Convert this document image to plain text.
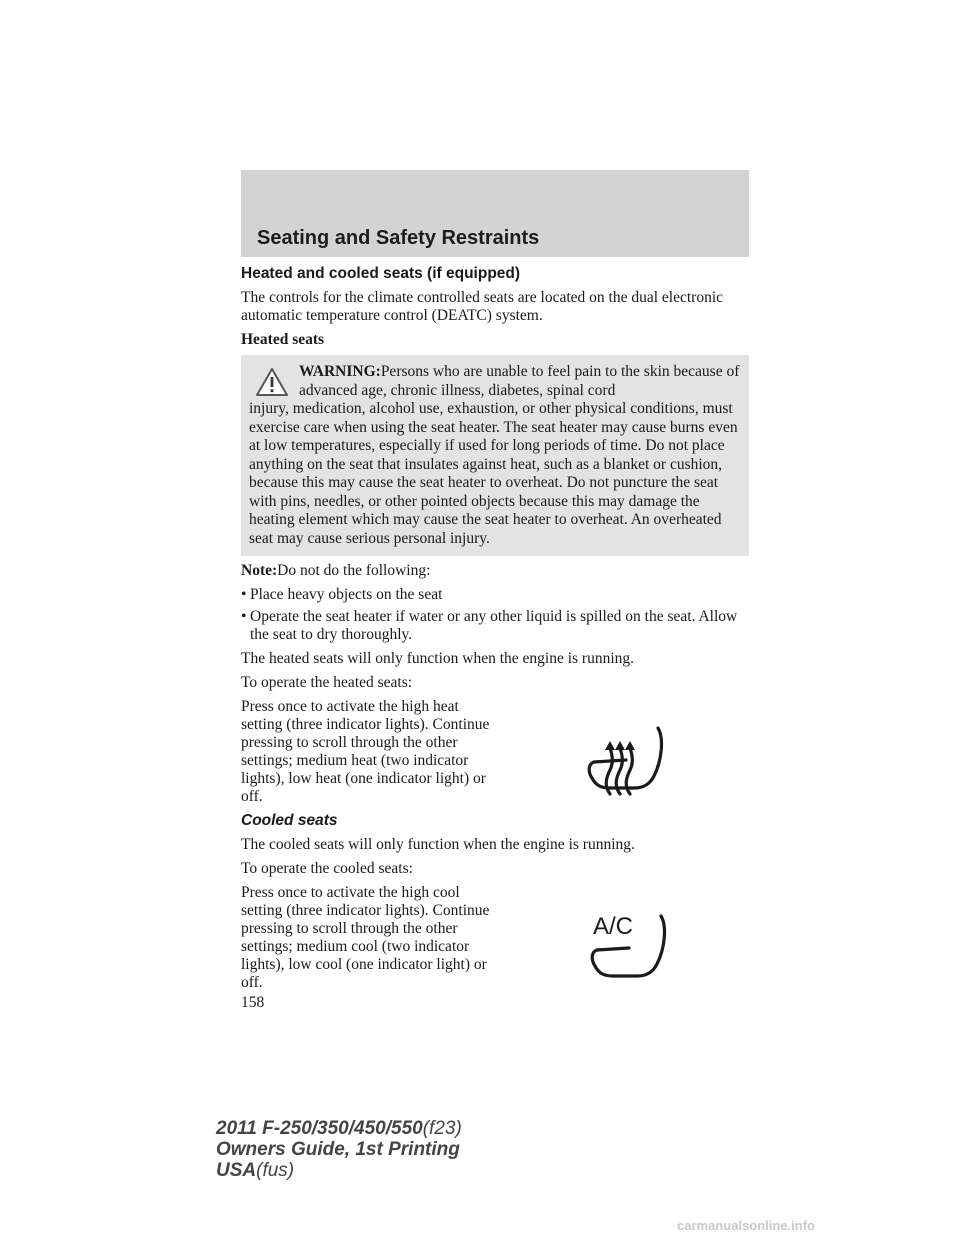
Seating and Safety Restraints
Heated and cooled seats (if equipped)

The controls for the climate controlled seats are located on the dual electronic automatic temperature control (DEATC) system.

Heated seats

WARNING:Persons who are unable to feel pain to the skin because of advanced age, chronic illness, diabetes, spinal cord
injury, medication, alcohol use, exhaustion, or other physical conditions, must exercise care when using the seat heater. The seat heater may cause burns even at low temperatures, especially if used for long periods of time. Do not place anything on the seat that insulates against heat, such as a blanket or cushion, because this may cause the seat heater to overheat. Do not puncture the seat with pins, needles, or other pointed objects because this may damage the heating element which may cause the seat heater to overheat. An overheated seat may cause serious personal injury.

Note:Do not do the following:

• Place heavy objects on the seat
• Operate the seat heater if water or any other liquid is spilled on the seat. Allow the seat to dry thoroughly.

The heated seats will only function when the engine is running.

To operate the heated seats:

Press once to activate the high heat setting (three indicator lights). Continue pressing to scroll through the other settings; medium heat (two indicator lights), low heat (one indicator light) or off.

Cooled seats

The cooled seats will only function when the engine is running.

To operate the cooled seats:

Press once to activate the high cool setting (three indicator lights). Continue pressing to scroll through the other settings; medium cool (two indicator lights), low cool (one indicator light) or off.

A/C
158
2011 F-250/350/450/550(f23)
Owners Guide, 1st Printing
USA(fus)
carmanualsonline.info
